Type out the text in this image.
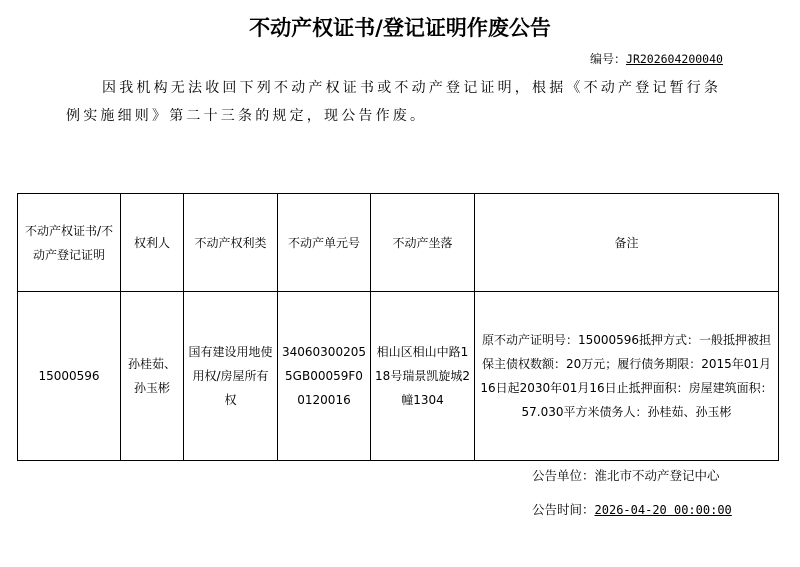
不动产权证书/登记证明作废公告
编号：JR202604200040
因我机构无法收回下列不动产权证书或不动产登记证明，根据《不动产登记暂行条例实施细则》第二十三条的规定，现公告作废。
不动产权证书/不动产登记证明	权利人	不动产权利类	不动产单元号	不动产坐落	备注
15000596	孙桂茹、孙玉彬	国有建设用地使用权/房屋所有权	340603002055GB00059F00120016	相山区相山中路118号瑞景凯旋城2幢1304	原不动产证明号：15000596抵押方式：一般抵押被担保主债权数额：20万元；履行债务期限：2015年01月16日起2030年01月16日止抵押面积：房屋建筑面积：57.030平方米债务人：孙桂茹、孙玉彬
公告单位：淮北市不动产登记中心
公告时间：2026-04-20 00:00:00
